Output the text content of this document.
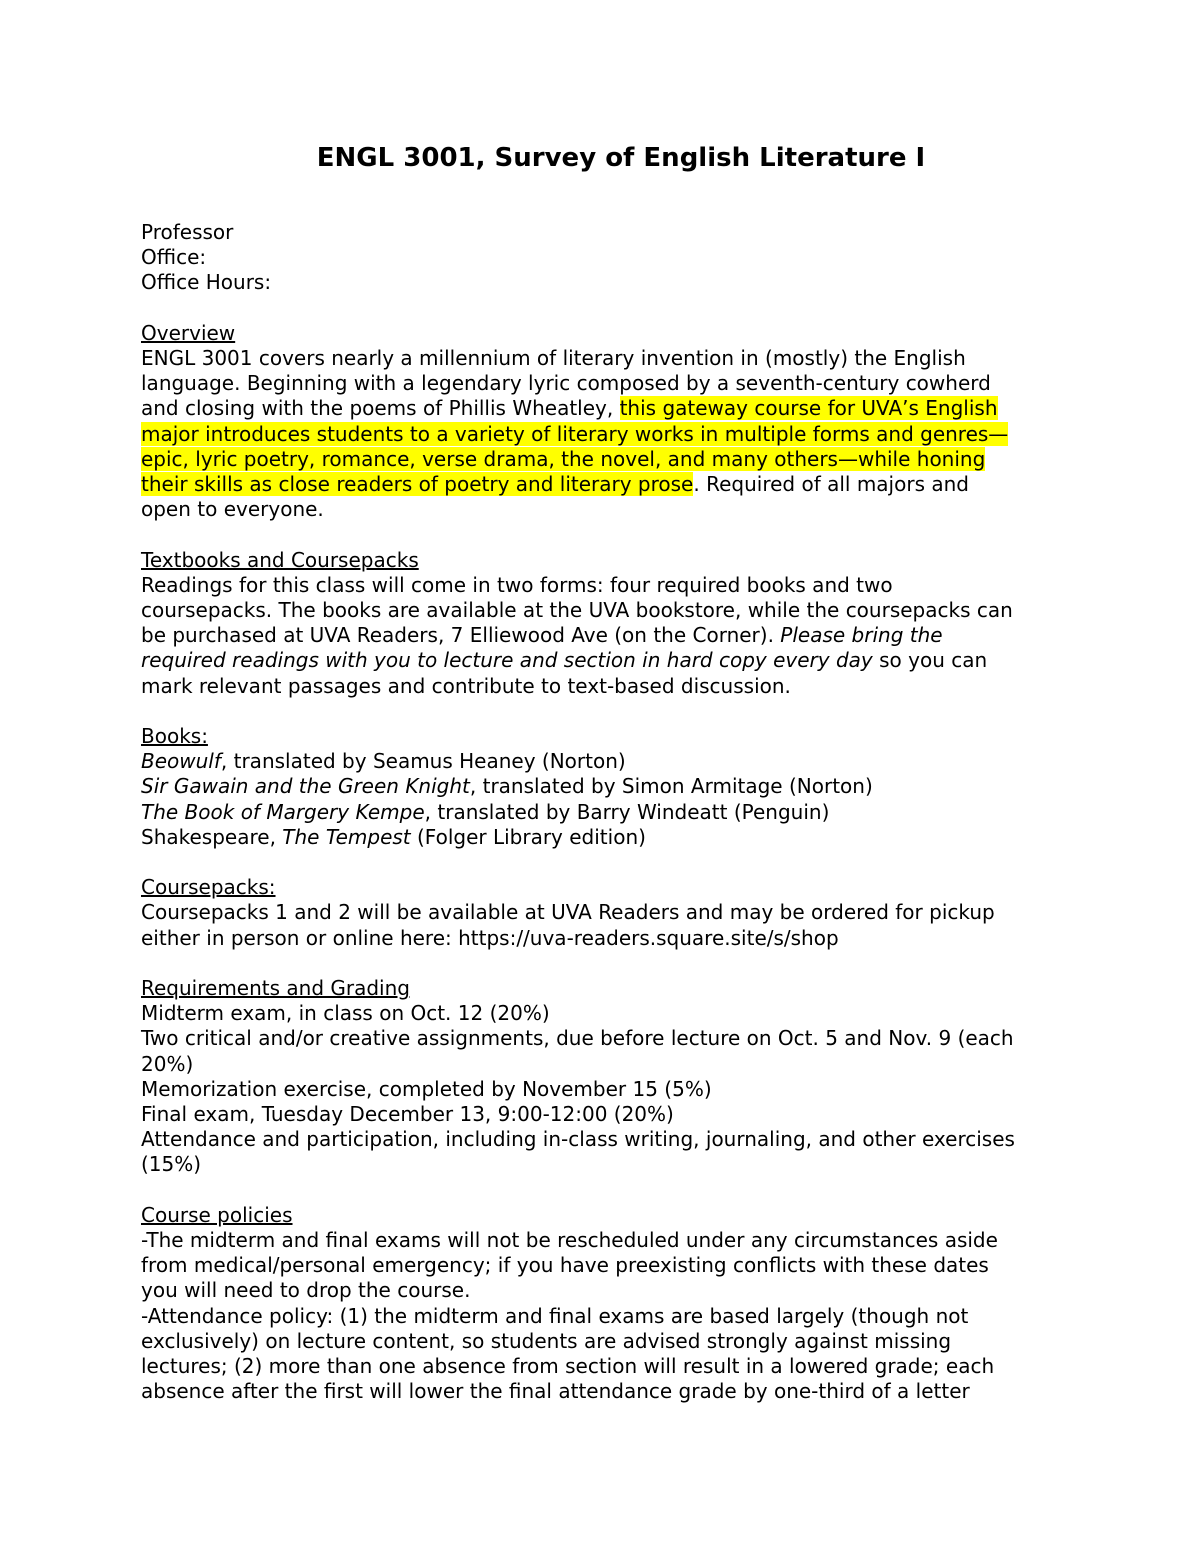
ENGL 3001, Survey of English Literature I

Professor

Office:

Office Hours:

Overview

ENGL 3001 covers nearly a millennium of literary invention in (mostly) the English

language. Beginning with a legendary lyric composed by a seventh-century cowherd

and closing with the poems of Phillis Wheatley, this gateway course for UVA’s English

major introduces students to a variety of literary works in multiple forms and genres—

epic, lyric poetry, romance, verse drama, the novel, and many others—while honing

their skills as close readers of poetry and literary prose. Required of all majors and

open to everyone.

Textbooks and Coursepacks

Readings for this class will come in two forms: four required books and two

coursepacks. The books are available at the UVA bookstore, while the coursepacks can

be purchased at UVA Readers, 7 Elliewood Ave (on the Corner). Please bring the

required readings with you to lecture and section in hard copy every day so you can

mark relevant passages and contribute to text-based discussion.

Books:

Beowulf, translated by Seamus Heaney (Norton)

Sir Gawain and the Green Knight, translated by Simon Armitage (Norton)

The Book of Margery Kempe, translated by Barry Windeatt (Penguin)

Shakespeare, The Tempest (Folger Library edition)

Coursepacks:

Coursepacks 1 and 2 will be available at UVA Readers and may be ordered for pickup

either in person or online here: https://uva-readers.square.site/s/shop

Requirements and Grading

Midterm exam, in class on Oct. 12 (20%)

Two critical and/or creative assignments, due before lecture on Oct. 5 and Nov. 9 (each

20%)

Memorization exercise, completed by November 15 (5%)

Final exam, Tuesday December 13, 9:00-12:00 (20%)

Attendance and participation, including in-class writing, journaling, and other exercises

(15%)

Course policies

-The midterm and final exams will not be rescheduled under any circumstances aside

from medical/personal emergency; if you have preexisting conflicts with these dates

you will need to drop the course.

-Attendance policy: (1) the midterm and final exams are based largely (though not

exclusively) on lecture content, so students are advised strongly against missing

lectures; (2) more than one absence from section will result in a lowered grade; each

absence after the first will lower the final attendance grade by one-third of a letter
